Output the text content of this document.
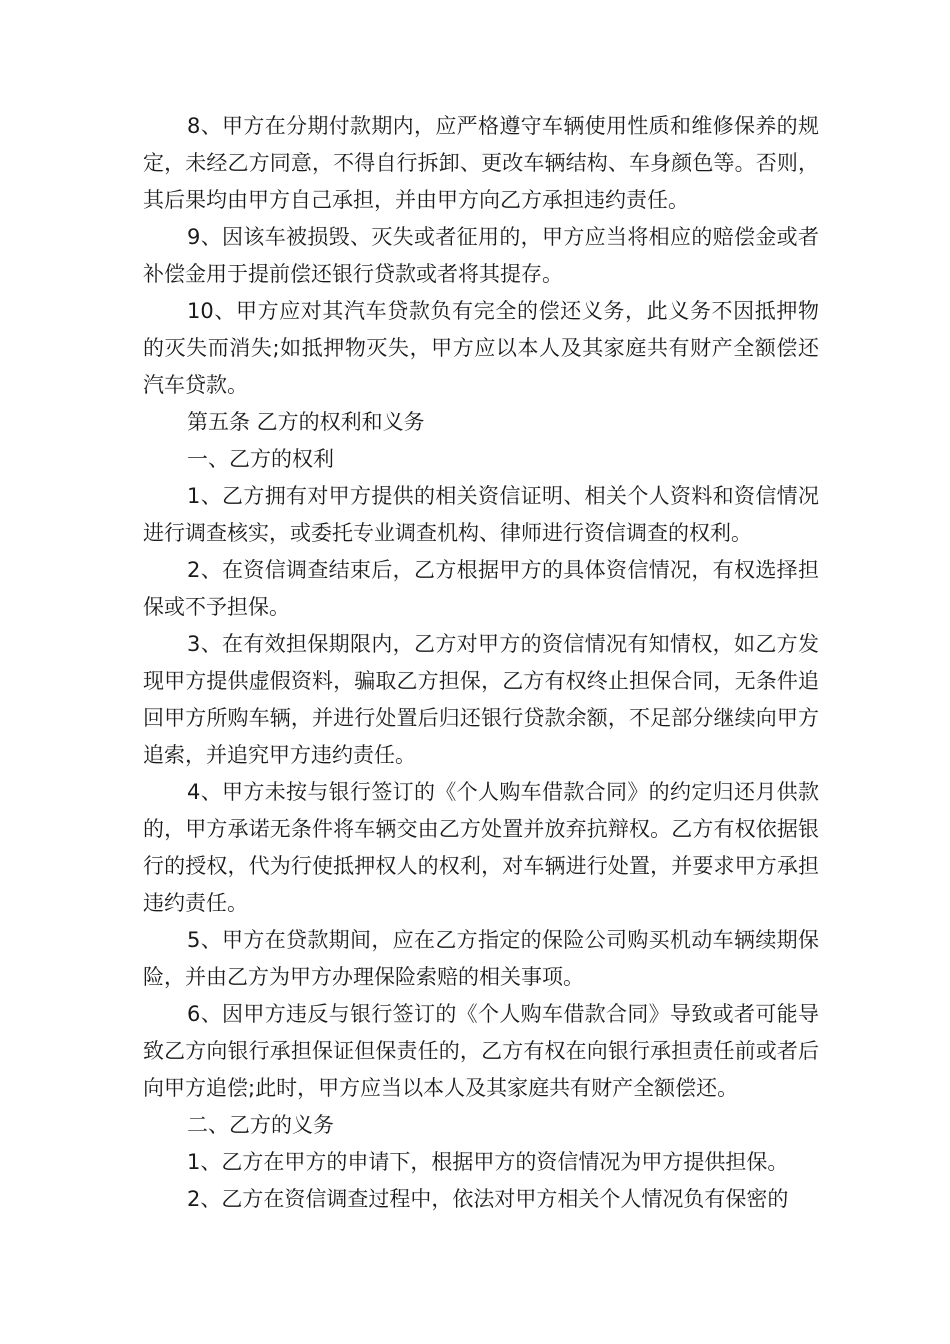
8、甲方在分期付款期内，应严格遵守车辆使用性质和维修保养的规定，未经乙方同意，不得自行拆卸、更改车辆结构、车身颜色等。否则，其后果均由甲方自己承担，并由甲方向乙方承担违约责任。

9、因该车被损毁、灭失或者征用的，甲方应当将相应的赔偿金或者补偿金用于提前偿还银行贷款或者将其提存。

10、甲方应对其汽车贷款负有完全的偿还义务，此义务不因抵押物的灭失而消失;如抵押物灭失，甲方应以本人及其家庭共有财产全额偿还汽车贷款。

第五条 乙方的权利和义务

一、乙方的权利

1、乙方拥有对甲方提供的相关资信证明、相关个人资料和资信情况进行调查核实，或委托专业调查机构、律师进行资信调查的权利。

2、在资信调查结束后，乙方根据甲方的具体资信情况，有权选择担保或不予担保。

3、在有效担保期限内，乙方对甲方的资信情况有知情权，如乙方发现甲方提供虚假资料，骗取乙方担保，乙方有权终止担保合同，无条件追回甲方所购车辆，并进行处置后归还银行贷款余额，不足部分继续向甲方追索，并追究甲方违约责任。

4、甲方未按与银行签订的《个人购车借款合同》的约定归还月供款的，甲方承诺无条件将车辆交由乙方处置并放弃抗辩权。乙方有权依据银行的授权，代为行使抵押权人的权利，对车辆进行处置，并要求甲方承担违约责任。

5、甲方在贷款期间，应在乙方指定的保险公司购买机动车辆续期保险，并由乙方为甲方办理保险索赔的相关事项。

6、因甲方违反与银行签订的《个人购车借款合同》导致或者可能导致乙方向银行承担保证但保责任的，乙方有权在向银行承担责任前或者后向甲方追偿;此时，甲方应当以本人及其家庭共有财产全额偿还。

二、乙方的义务

1、乙方在甲方的申请下，根据甲方的资信情况为甲方提供担保。

2、乙方在资信调查过程中，依法对甲方相关个人情况负有保密的
